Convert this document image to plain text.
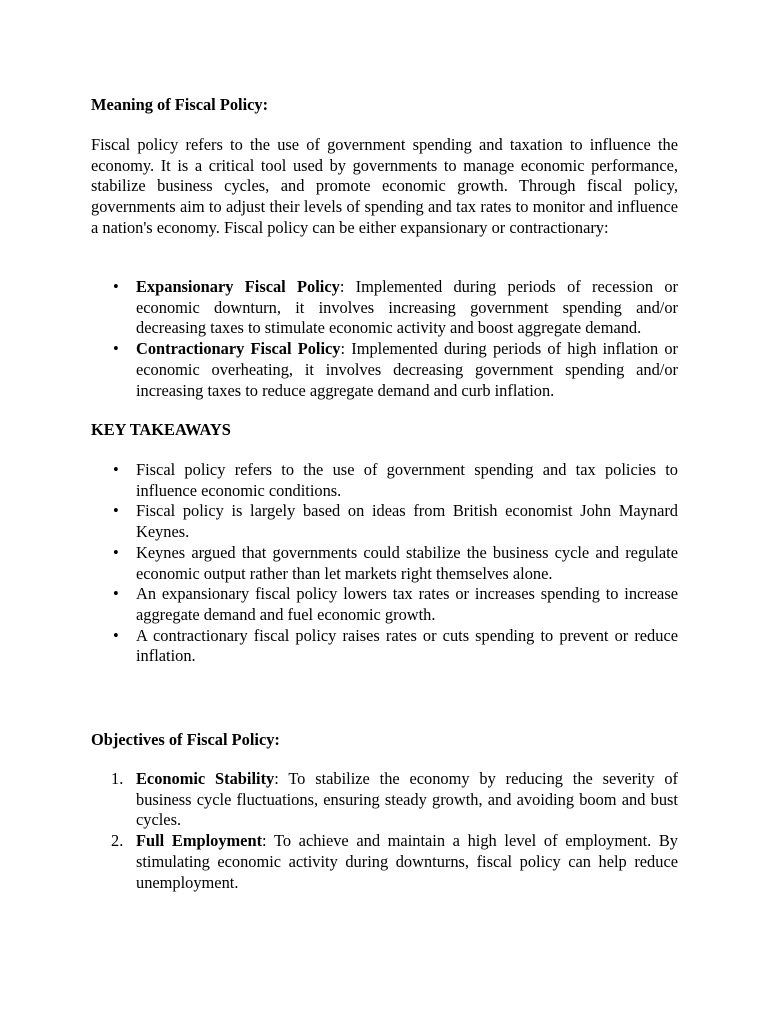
Meaning of Fiscal Policy:

Fiscal policy refers to the use of government spending and taxation to influence the economy. It is a critical tool used by governments to manage economic performance, stabilize business cycles, and promote economic growth. Through fiscal policy, governments aim to adjust their levels of spending and tax rates to monitor and influence a nation's economy. Fiscal policy can be either expansionary or contractionary:

• Expansionary Fiscal Policy: Implemented during periods of recession or economic downturn, it involves increasing government spending and/or decreasing taxes to stimulate economic activity and boost aggregate demand.
• Contractionary Fiscal Policy: Implemented during periods of high inflation or economic overheating, it involves decreasing government spending and/or increasing taxes to reduce aggregate demand and curb inflation.
KEY TAKEAWAYS
• Fiscal policy refers to the use of government spending and tax policies to influence economic conditions.
• Fiscal policy is largely based on ideas from British economist John Maynard Keynes.
• Keynes argued that governments could stabilize the business cycle and regulate economic output rather than let markets right themselves alone.
• An expansionary fiscal policy lowers tax rates or increases spending to increase aggregate demand and fuel economic growth.
• A contractionary fiscal policy raises rates or cuts spending to prevent or reduce inflation.
Objectives of Fiscal Policy:
1. Economic Stability: To stabilize the economy by reducing the severity of business cycle fluctuations, ensuring steady growth, and avoiding boom and bust cycles.
2. Full Employment: To achieve and maintain a high level of employment. By stimulating economic activity during downturns, fiscal policy can help reduce unemployment.
